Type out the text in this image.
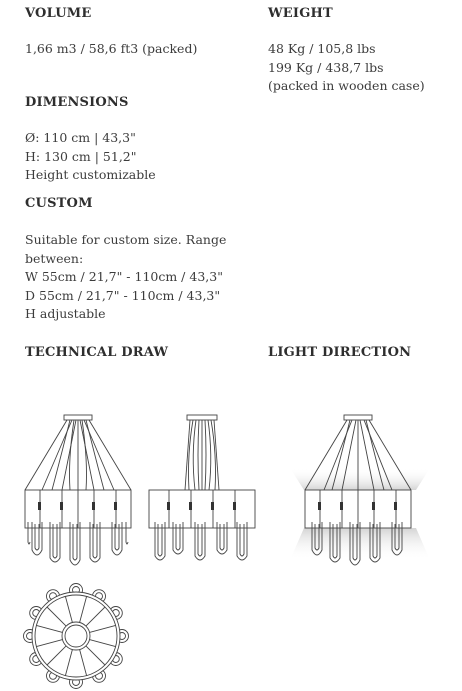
VOLUME
1,66 m3 / 58,6 ft3 (packed)
WEIGHT
48 Kg / 105,8 lbs
199 Kg / 438,7 lbs
(packed in wooden case)
DIMENSIONS
Ø: 110 cm | 43,3"
H: 130 cm | 51,2"
Height customizable
CUSTOM
Suitable for custom size. Range
between:
W 55cm / 21,7" - 110cm / 43,3"
D 55cm / 21,7" - 110cm / 43,3"
H adjustable
TECHNICAL DRAW	LIGHT DIRECTION
